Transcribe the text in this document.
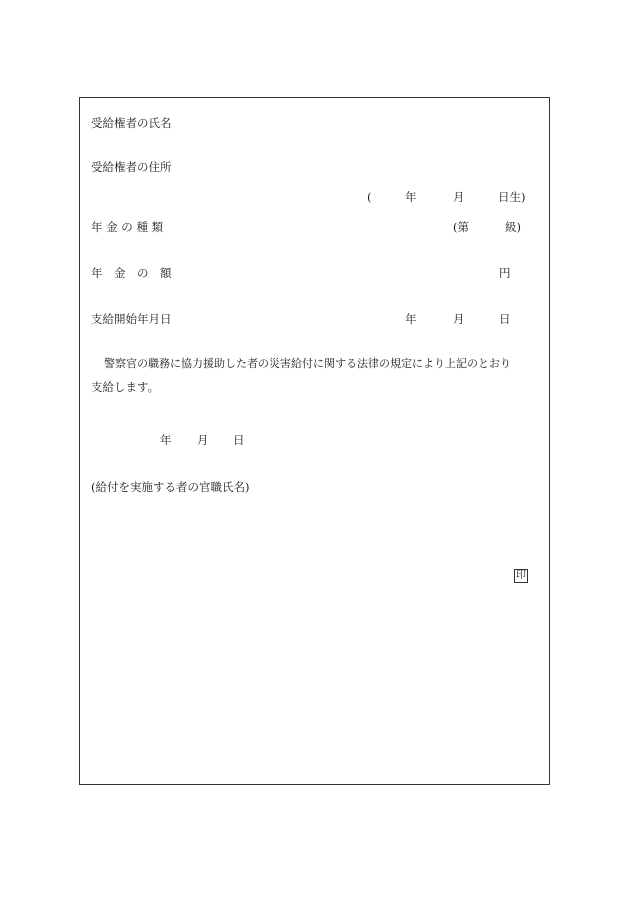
受給権者の氏名
受給権者の住所
(	年	月	日生)
年 金 の 種 類	(第	級)
年　金　の　額	円
支給開始年月日	年	月	日
警察官の職務に協力援助した者の災害給付に関する法律の規定により上記のとおり
支給します。
年 月 日
(給付を実施する者の官職氏名)
印
